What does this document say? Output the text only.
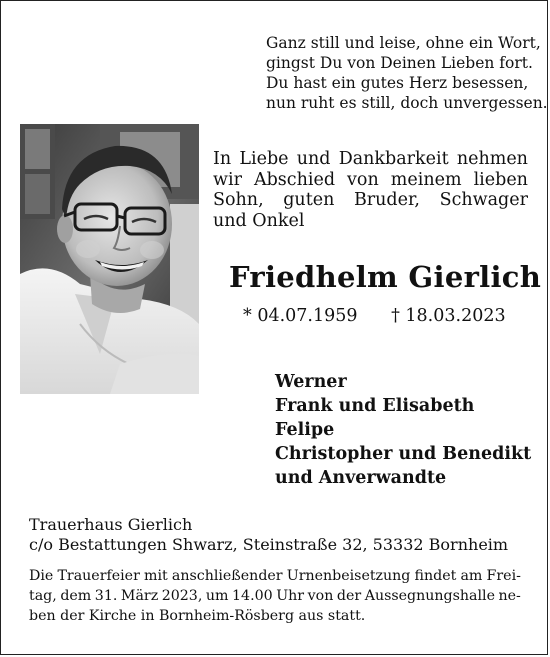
Ganz still und leise, ohne ein Wort,
gingst Du von Deinen Lieben fort.
Du hast ein gutes Herz besessen,
nun ruht es still, doch unvergessen.
In Liebe und Dankbarkeit nehmen
wir Abschied von meinem lieben
Sohn, guten Bruder, Schwager
und Onkel
Friedhelm Gierlich
* 04.07.1959 † 18.03.2023
Werner
Frank und Elisabeth
Felipe
Christopher und Benedikt
und Anverwandte
Trauerhaus Gierlich
c/o Bestattungen Shwarz, Steinstraße 32, 53332 Bornheim
Die Trauerfeier mit anschließender Urnenbeisetzung findet am Frei-
tag, dem 31. März 2023, um 14.00 Uhr von der Aussegnungshalle ne-
ben der Kirche in Bornheim-Rösberg aus statt.
